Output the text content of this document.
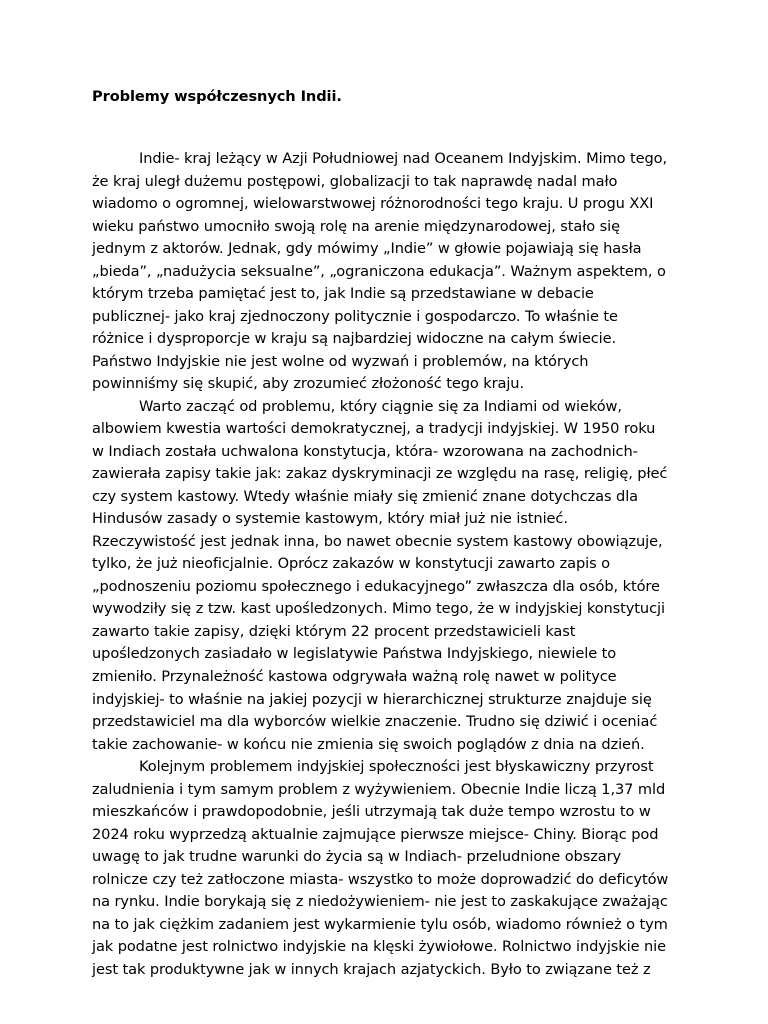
Problemy współczesnych Indii.
Indie- kraj leżący w Azji Południowej nad Oceanem Indyjskim. Mimo tego,
że kraj uległ dużemu postępowi, globalizacji to tak naprawdę nadal mało
wiadomo o ogromnej, wielowarstwowej różnorodności tego kraju. U progu XXI
wieku państwo umocniło swoją rolę na arenie międzynarodowej, stało się
jednym z aktorów. Jednak, gdy mówimy „Indie” w głowie pojawiają się hasła
„bieda”, „nadużycia seksualne”, „ograniczona edukacja”. Ważnym aspektem, o
którym trzeba pamiętać jest to, jak Indie są przedstawiane w debacie
publicznej- jako kraj zjednoczony politycznie i gospodarczo. To właśnie te
różnice i dysproporcje w kraju są najbardziej widoczne na całym świecie.
Państwo Indyjskie nie jest wolne od wyzwań i problemów, na których
powinniśmy się skupić, aby zrozumieć złożoność tego kraju.
Warto zacząć od problemu, który ciągnie się za Indiami od wieków,
albowiem kwestia wartości demokratycznej, a tradycji indyjskiej. W 1950 roku
w Indiach została uchwalona konstytucja, która- wzorowana na zachodnich-
zawierała zapisy takie jak: zakaz dyskryminacji ze względu na rasę, religię, płeć
czy system kastowy. Wtedy właśnie miały się zmienić znane dotychczas dla
Hindusów zasady o systemie kastowym, który miał już nie istnieć.
Rzeczywistość jest jednak inna, bo nawet obecnie system kastowy obowiązuje,
tylko, że już nieoficjalnie. Oprócz zakazów w konstytucji zawarto zapis o
„podnoszeniu poziomu społecznego i edukacyjnego” zwłaszcza dla osób, które
wywodziły się z tzw. kast upośledzonych. Mimo tego, że w indyjskiej konstytucji
zawarto takie zapisy, dzięki którym 22 procent przedstawicieli kast
upośledzonych zasiadało w legislatywie Państwa Indyjskiego, niewiele to
zmieniło. Przynależność kastowa odgrywała ważną rolę nawet w polityce
indyjskiej- to właśnie na jakiej pozycji w hierarchicznej strukturze znajduje się
przedstawiciel ma dla wyborców wielkie znaczenie. Trudno się dziwić i oceniać
takie zachowanie- w końcu nie zmienia się swoich poglądów z dnia na dzień.
Kolejnym problemem indyjskiej społeczności jest błyskawiczny przyrost
zaludnienia i tym samym problem z wyżywieniem. Obecnie Indie liczą 1,37 mld
mieszkańców i prawdopodobnie, jeśli utrzymają tak duże tempo wzrostu to w
2024 roku wyprzedzą aktualnie zajmujące pierwsze miejsce- Chiny. Biorąc pod
uwagę to jak trudne warunki do życia są w Indiach- przeludnione obszary
rolnicze czy też zatłoczone miasta- wszystko to może doprowadzić do deficytów
na rynku. Indie borykają się z niedożywieniem- nie jest to zaskakujące zważając
na to jak ciężkim zadaniem jest wykarmienie tylu osób, wiadomo również o tym
jak podatne jest rolnictwo indyjskie na klęski żywiołowe. Rolnictwo indyjskie nie
jest tak produktywne jak w innych krajach azjatyckich. Było to związane też z
